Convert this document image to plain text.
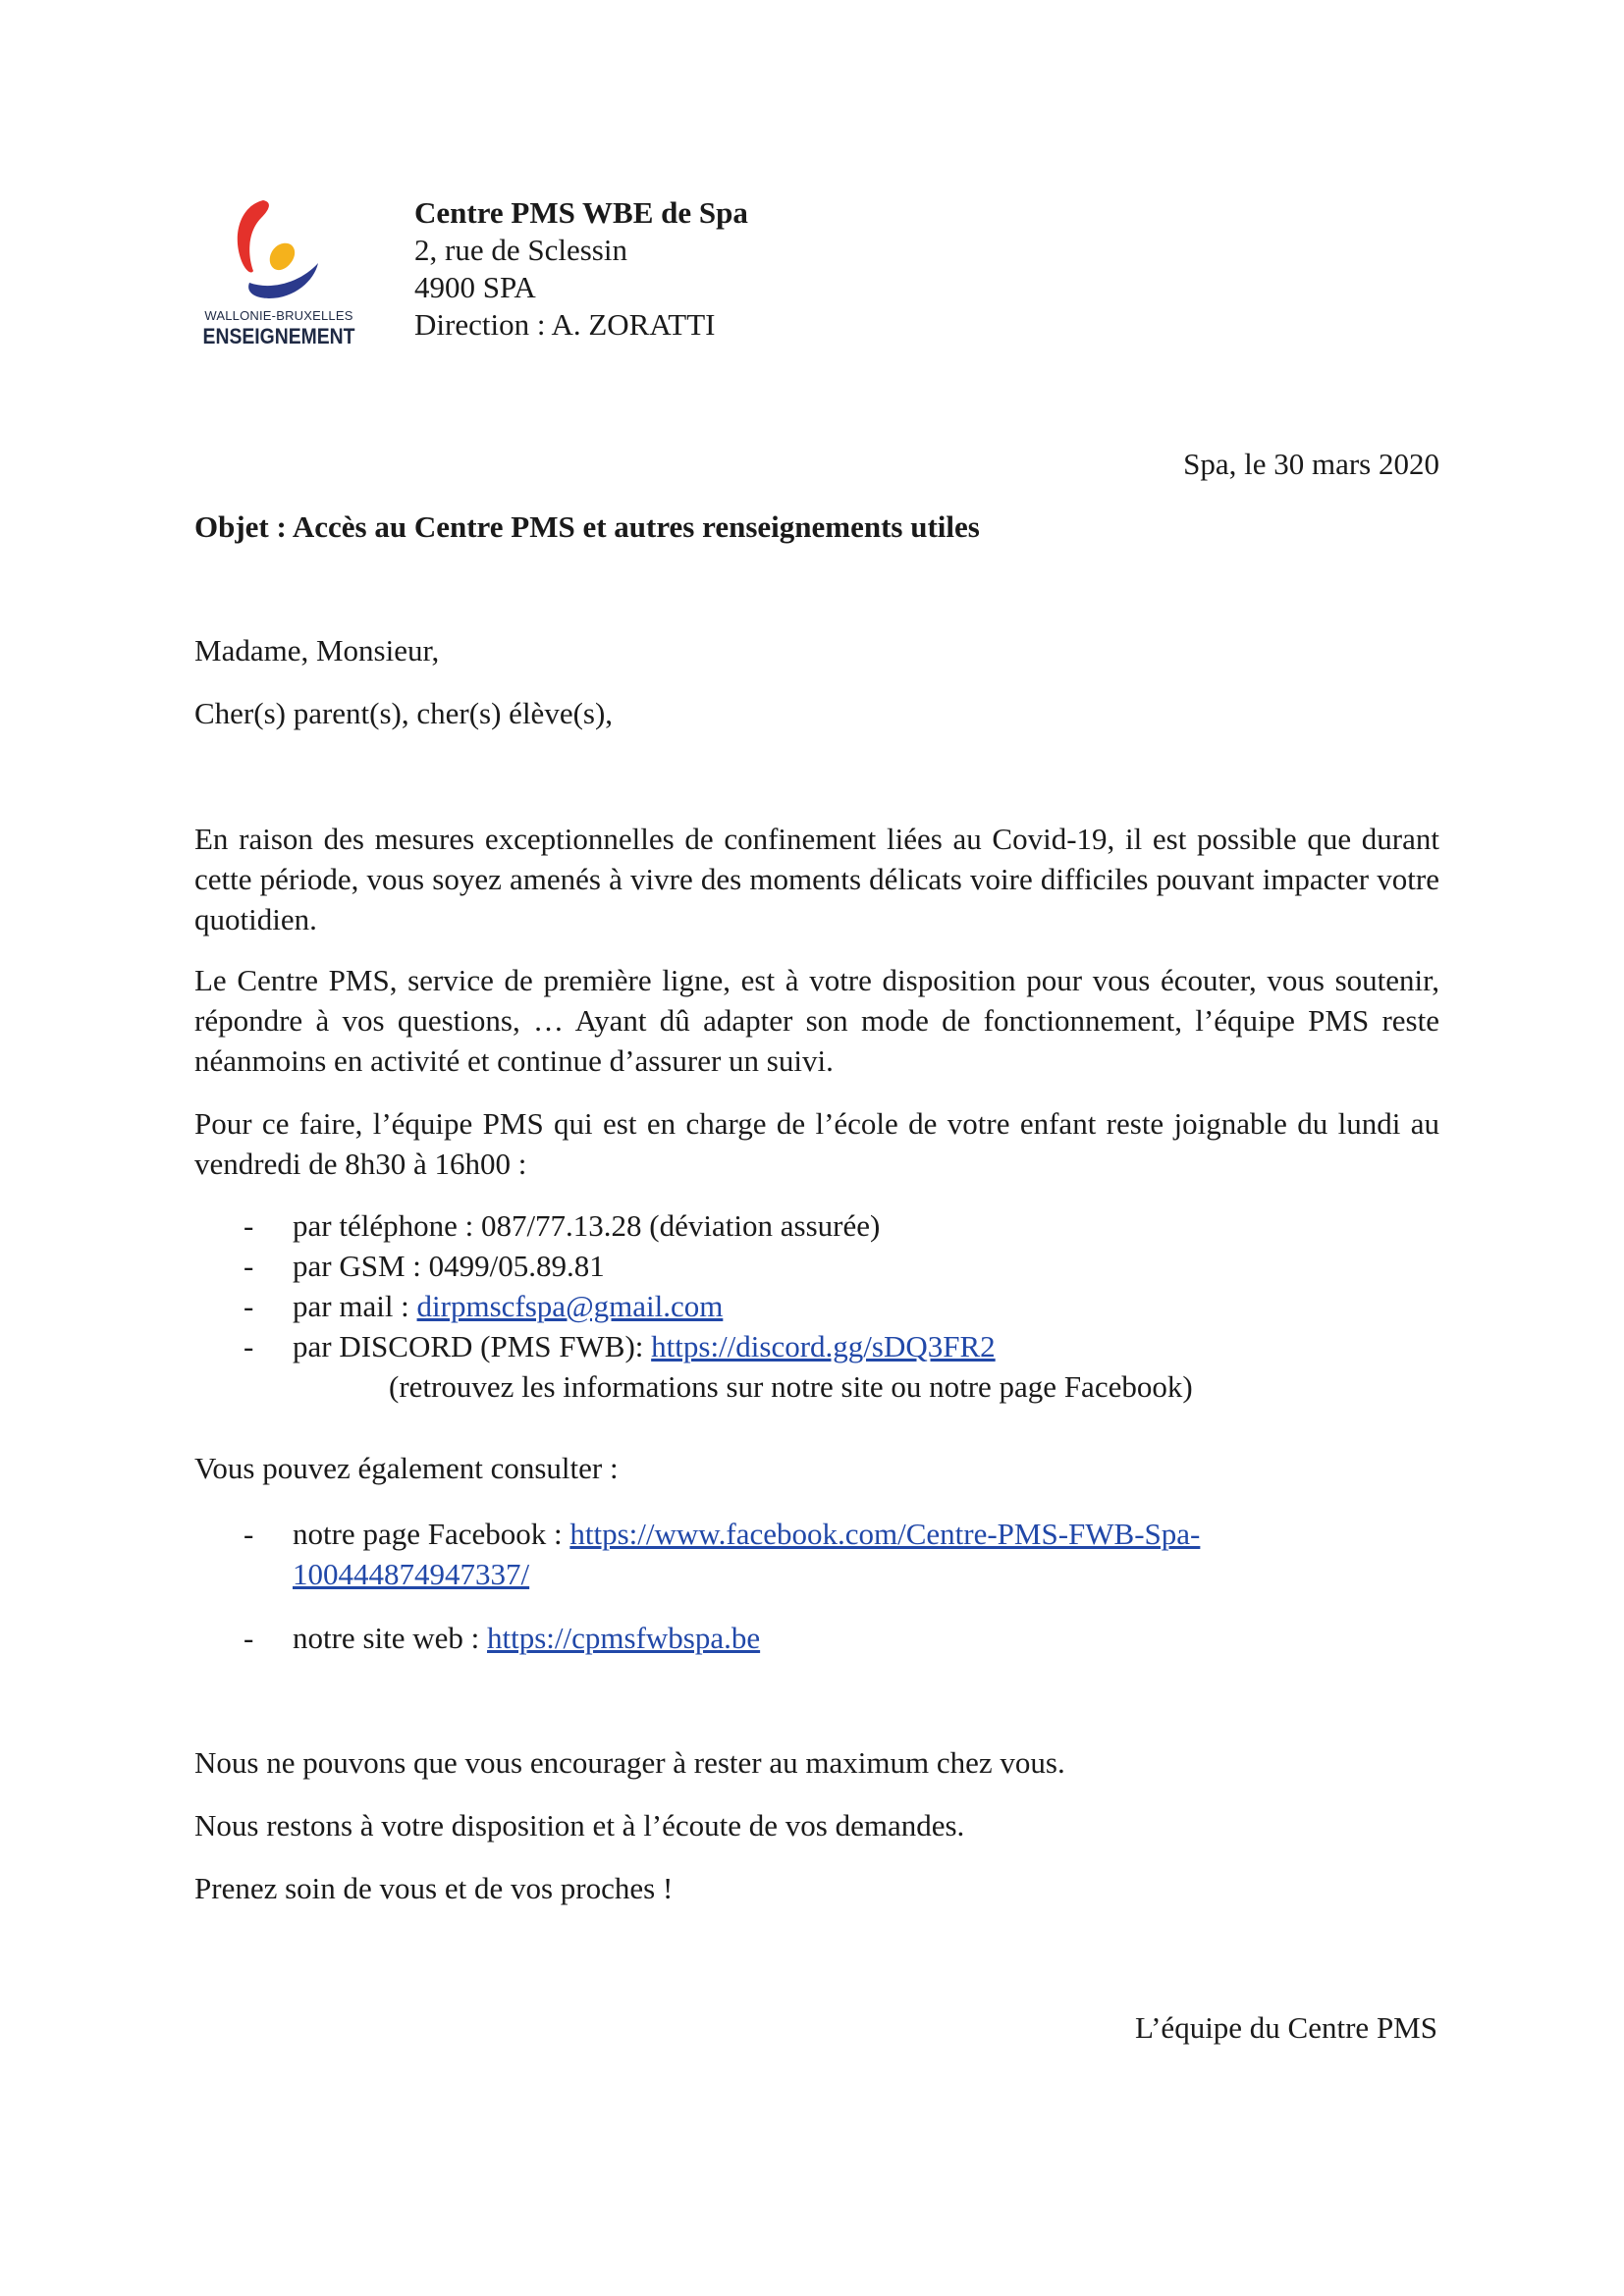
WALLONIE-BRUXELLES
ENSEIGNEMENT
Centre PMS WBE de Spa
2, rue de Sclessin
4900 SPA
Direction : A. ZORATTI
Spa, le 30 mars 2020
Objet : Accès au Centre PMS et autres renseignements utiles
Madame, Monsieur,
Cher(s) parent(s), cher(s) élève(s),
En raison des mesures exceptionnelles de confinement liées au Covid-19, il est possible que durant cette période, vous soyez amenés à vivre des moments délicats voire difficiles pouvant impacter votre quotidien.
Le Centre PMS, service de première ligne, est à votre disposition pour vous écouter, vous soutenir, répondre à vos questions, … Ayant dû adapter son mode de fonctionnement, l’équipe PMS reste néanmoins en activité et continue d’assurer un suivi.
Pour ce faire, l’équipe PMS qui est en charge de l’école de votre enfant reste joignable du lundi au vendredi de 8h30 à 16h00 :
- par téléphone : 087/77.13.28 (déviation assurée)
- par GSM : 0499/05.89.81
- par mail : dirpmscfspa@gmail.com
- par DISCORD (PMS FWB): https://discord.gg/sDQ3FR2
(retrouvez les informations sur notre site ou notre page Facebook)
Vous pouvez également consulter :
- notre page Facebook : https://www.facebook.com/Centre-PMS-FWB-Spa-
100444874947337/
- notre site web : https://cpmsfwbspa.be
Nous ne pouvons que vous encourager à rester au maximum chez vous.
Nous restons à votre disposition et à l’écoute de vos demandes.
Prenez soin de vous et de vos proches !
L’équipe du Centre PMS
